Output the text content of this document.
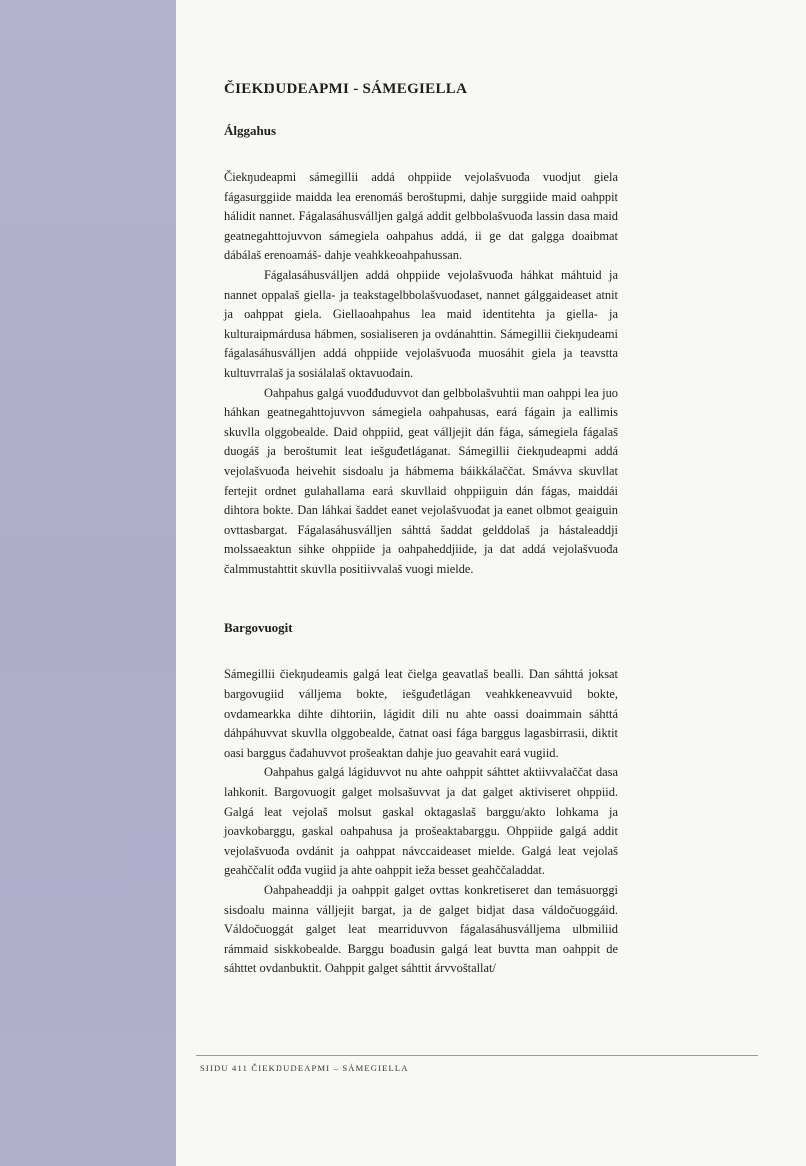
ČIEKŊUDEAPMI - SÁMEGIELLA
Álggahus

Čiekŋudeapmi sámegillii addá ohppiide vejolašvuođa vuodjut giela fágasurggiide maidda lea erenomáš beroštupmi, dahje surggiide maid oahppit hálidit nannet. Fágalasáhusválljen galgá addit gelbbolašvuođa lassin dasa maid geatnegahttojuvvon sámegiela oahpahus addá, ii ge dat galgga doaibmat dábálaš erenoamáš- dahje veahkkeoahpahussan.

Fágalasáhusválljen addá ohppiide vejolašvuođa háhkat máhtuid ja nannet oppalaš giella- ja teakstagelbbolašvuođaset, nannet gálggaideaset atnit ja oahppat giela. Giellaoahpahus lea maid identitehta ja giella- ja kulturaipmárdusa hábmen, sosialiseren ja ovdánahttin. Sámegillii čiekŋudeami fágalasáhusválljen addá ohppiide vejolašvuođa muosáhit giela ja teavstta kultuvrralaš ja sosiálalaš oktavuođain.

Oahpahus galgá vuođđuduvvot dan gelbbolašvuhtii man oahppi lea juo háhkan geatnegahttojuvvon sámegiela oahpahusas, eará fágain ja eallimis skuvlla olggobealde. Daid ohppiid, geat válljejit dán fága, sámegiela fágalaš duogáš ja beroštumit leat iešguđetláganat. Sámegillii čiekŋudeapmi addá vejolašvuođa heivehit sisdoalu ja hábmema báikkálaččat. Smávva skuvllat fertejit ordnet gulahallama eará skuvllaid ohppiiguin dán fágas, maiddái dihtora bokte. Dan láhkai šaddet eanet vejolašvuođat ja eanet olbmot geaiguin ovttasbargat. Fágalasáhusválljen sáhttá šaddat gelddolaš ja hástaleaddji molssaeaktun sihke ohppiide ja oahpaheddjiide, ja dat addá vejolašvuođa čalmmustahttit skuvlla positiivvalaš vuogi mielde.

Bargovuogit

Sámegillii čiekŋudeamis galgá leat čielga geavatlaš bealli. Dan sáhttá joksat bargovugiid válljema bokte, iešguđetlágan veahkkeneavvuid bokte, ovdamearkka dihte dihtoriin, lágidit dili nu ahte oassi doaimmain sáhttá dáhpáhuvvat skuvlla olggobealde, čatnat oasi fága barggus lagasbirrasii, diktit oasi barggus čađahuvvot prošeaktan dahje juo geavahit eará vugiid.

Oahpahus galgá lágiduvvot nu ahte oahppit sáhttet aktiivvalaččat dasa lahkonit. Bargovuogit galget molsašuvvat ja dat galget aktiviseret ohppiid. Galgá leat vejolaš molsut gaskal oktagaslaš barggu/akto lohkama ja joavkobarggu, gaskal oahpahusa ja prošeaktabarggu. Ohppiide galgá addit vejolašvuođa ovdánit ja oahppat návccaideaset mielde. Galgá leat vejolaš geahččalit ođđa vugiid ja ahte oahppit ieža besset geahččaladdat.

Oahpaheaddji ja oahppit galget ovttas konkretiseret dan temásuorggi sisdoalu mainna válljejit bargat, ja de galget bidjat dasa váldočuoggáid. Váldočuoggát galget leat mearriduvvon fágalasáhusválljema ulbmiliid rámmaid siskkobealde. Barggu boađusin galgá leat buvtta man oahppit de sáhttet ovdanbuktit. Oahppit galget sáhttit árvvoštallat/

SIIDU 411 ČIEKŊUDEAPMI – SÁMEGIELLA
